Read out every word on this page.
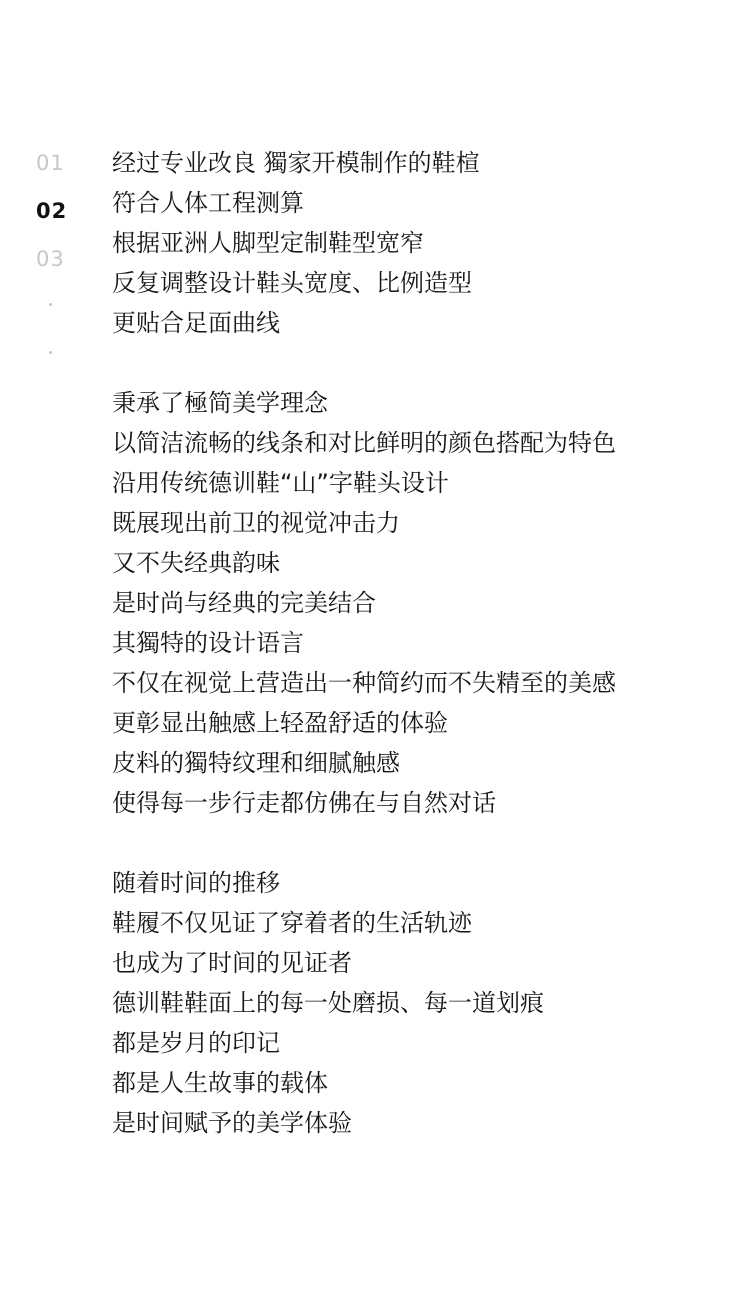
01
02
03
经过专业改良 獨家开模制作的鞋楦
符合人体工程测算
根据亚洲人脚型定制鞋型宽窄
反复调整设计鞋头宽度、比例造型
更贴合足面曲线
秉承了極简美学理念
以简洁流畅的线条和对比鲜明的颜色搭配为特色
沿用传统德训鞋“山”字鞋头设计
既展现出前卫的视觉冲击力
又不失经典韵味
是时尚与经典的完美结合
其獨特的设计语言
不仅在视觉上营造出一种简约而不失精至的美感
更彰显出触感上轻盈舒适的体验
皮料的獨特纹理和细腻触感
使得每一步行走都仿佛在与自然对话
随着时间的推移
鞋履不仅见证了穿着者的生活轨迹
也成为了时间的见证者
德训鞋鞋面上的每一处磨损、每一道划痕
都是岁月的印记
都是人生故事的载体
是时间赋予的美学体验
